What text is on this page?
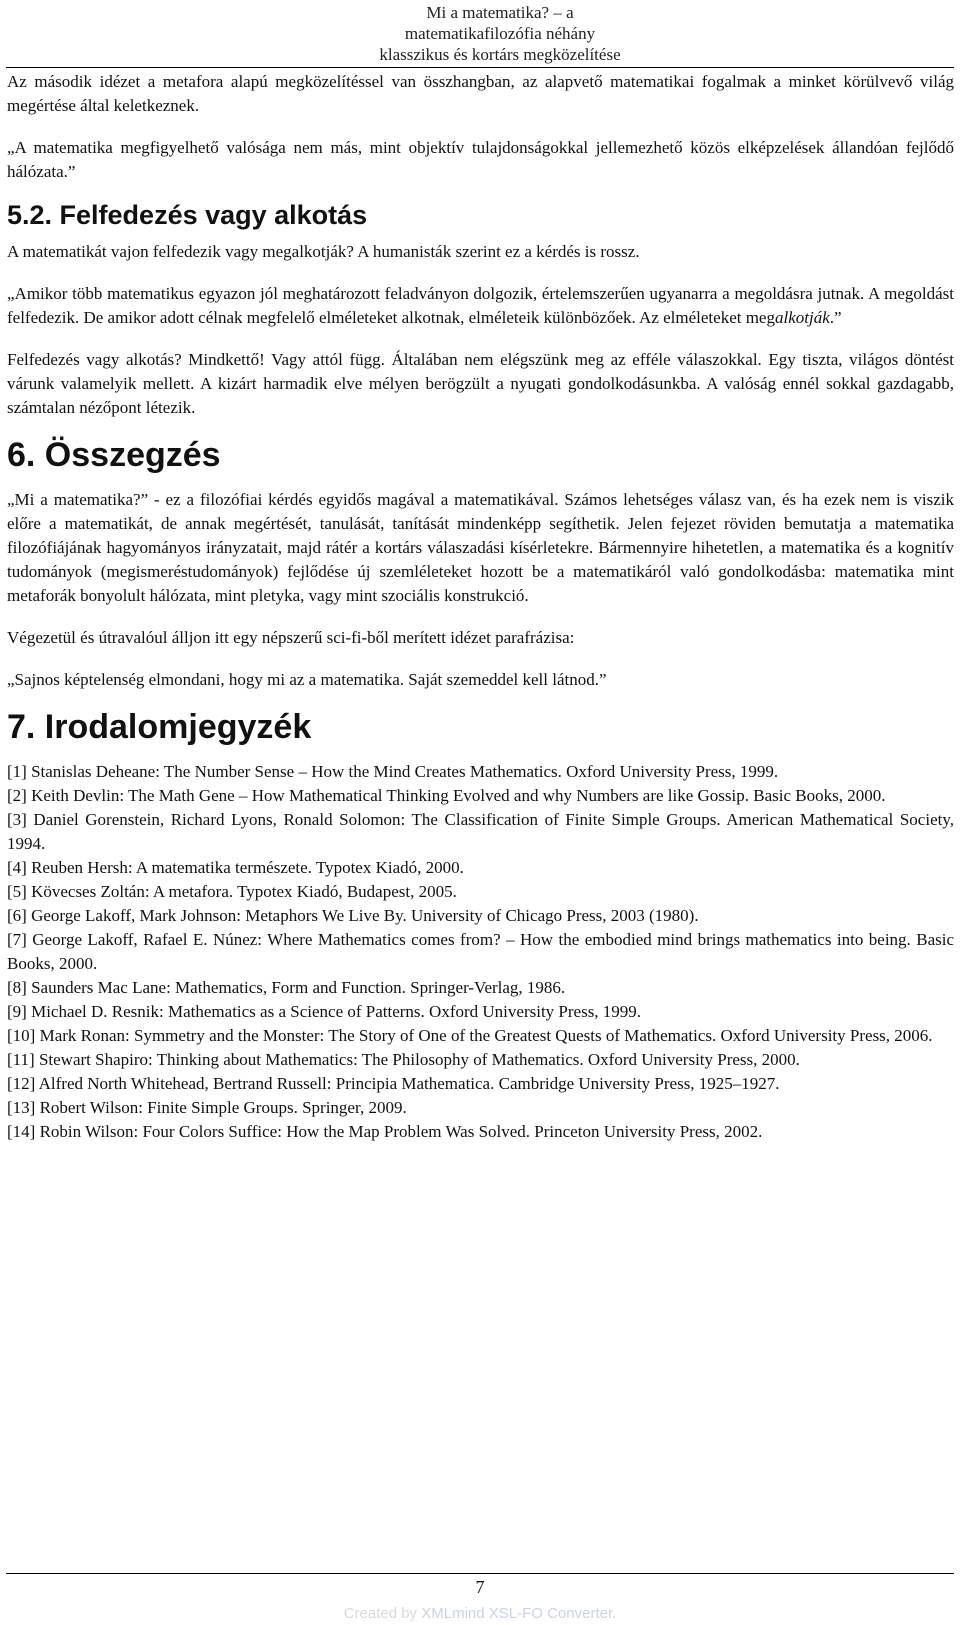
Mi a matematika? – a
matematikafilozófia néhány
klasszikus és kortárs megközelítése

Az második idézet a metafora alapú megközelítéssel van összhangban, az alapvető matematikai fogalmak a minket körülvevő világ megértése által keletkeznek.

„A matematika megfigyelhető valósága nem más, mint objektív tulajdonságokkal jellemezhető közös elképzelések állandóan fejlődő hálózata.”

5.2. Felfedezés vagy alkotás

A matematikát vajon felfedezik vagy megalkotják? A humanisták szerint ez a kérdés is rossz.

„Amikor több matematikus egyazon jól meghatározott feladványon dolgozik, értelemszerűen ugyanarra a megoldásra jutnak. A megoldást felfedezik. De amikor adott célnak megfelelő elméleteket alkotnak, elméleteik különbözőek. Az elméleteket megalkotják.”

Felfedezés vagy alkotás? Mindkettő! Vagy attól függ. Általában nem elégszünk meg az efféle válaszokkal. Egy tiszta, világos döntést várunk valamelyik mellett. A kizárt harmadik elve mélyen berögzült a nyugati gondolkodásunkba. A valóság ennél sokkal gazdagabb, számtalan nézőpont létezik.

6. Összegzés

„Mi a matematika?” - ez a filozófiai kérdés egyidős magával a matematikával. Számos lehetséges válasz van, és ha ezek nem is viszik előre a matematikát, de annak megértését, tanulását, tanítását mindenképp segíthetik. Jelen fejezet röviden bemutatja a matematika filozófiájának hagyományos irányzatait, majd rátér a kortárs válaszadási kísérletekre. Bármennyire hihetetlen, a matematika és a kognitív tudományok (megismeréstudományok) fejlődése új szemléleteket hozott be a matematikáról való gondolkodásba: matematika mint metaforák bonyolult hálózata, mint pletyka, vagy mint szociális konstrukció.

Végezetül és útravalóul álljon itt egy népszerű sci-fi-ből merített idézet parafrázisa:

„Sajnos képtelenség elmondani, hogy mi az a matematika. Saját szemeddel kell látnod.”

7. Irodalomjegyzék

[1] Stanislas Deheane: The Number Sense – How the Mind Creates Mathematics. Oxford University Press, 1999.

[2] Keith Devlin: The Math Gene – How Mathematical Thinking Evolved and why Numbers are like Gossip. Basic Books, 2000.

[3] Daniel Gorenstein, Richard Lyons, Ronald Solomon: The Classification of Finite Simple Groups. American Mathematical Society, 1994.

[4] Reuben Hersh: A matematika természete. Typotex Kiadó, 2000.

[5] Kövecses Zoltán: A metafora. Typotex Kiadó, Budapest, 2005.

[6] George Lakoff, Mark Johnson: Metaphors We Live By. University of Chicago Press, 2003 (1980).

[7] George Lakoff, Rafael E. Núnez: Where Mathematics comes from? – How the embodied mind brings mathematics into being. Basic Books, 2000.

[8] Saunders Mac Lane: Mathematics, Form and Function. Springer-Verlag, 1986.

[9] Michael D. Resnik: Mathematics as a Science of Patterns. Oxford University Press, 1999.

[10] Mark Ronan: Symmetry and the Monster: The Story of One of the Greatest Quests of Mathematics. Oxford University Press, 2006.

[11] Stewart Shapiro: Thinking about Mathematics: The Philosophy of Mathematics. Oxford University Press, 2000.

[12] Alfred North Whitehead, Bertrand Russell: Principia Mathematica. Cambridge University Press, 1925–1927.

[13] Robert Wilson: Finite Simple Groups. Springer, 2009.

[14] Robin Wilson: Four Colors Suffice: How the Map Problem Was Solved. Princeton University Press, 2002.

7
Created by XMLmind XSL-FO Converter.
